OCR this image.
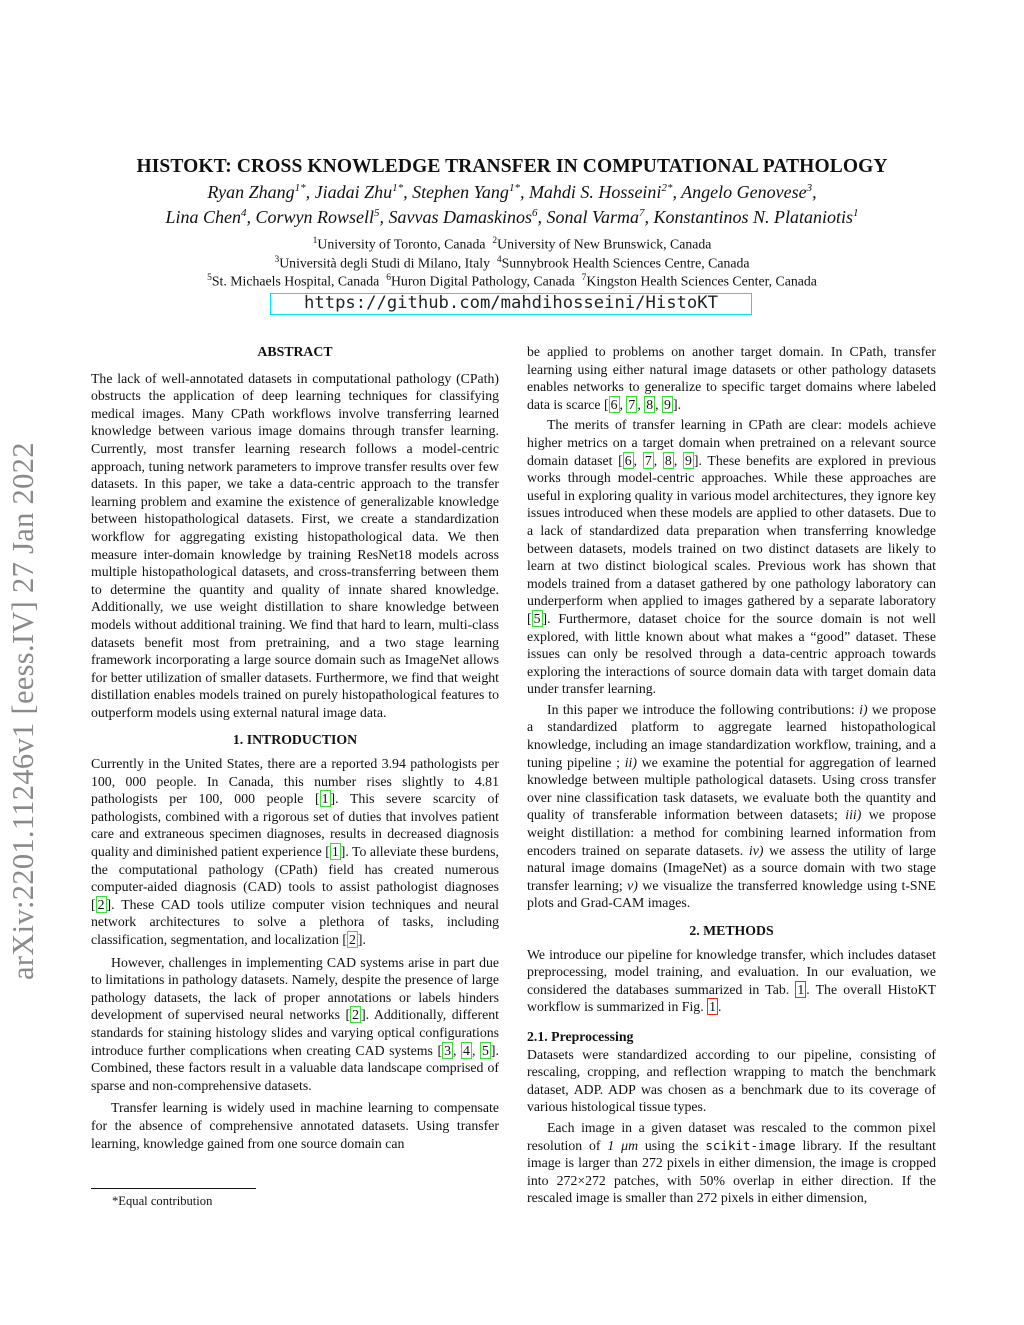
arXiv:2201.11246v1 [eess.IV] 27 Jan 2022
HISTOKT: CROSS KNOWLEDGE TRANSFER IN COMPUTATIONAL PATHOLOGY
Ryan Zhang$^{1*}$, Jiadai Zhu$^{1*}$, Stephen Yang$^{1*}$, Mahdi S. Hosseini$^{2*}$, Angelo Genovese$^3$,
Lina Chen$^4$, Corwyn Rowsell$^5$, Savvas Damaskinos$^6$, Sonal Varma$^7$, Konstantinos N. Plataniotis$^1$
$^1$University of Toronto, Canada $^2$University of New Brunswick, Canada
$^3$Università degli Studi di Milano, Italy $^4$Sunnybrook Health Sciences Centre, Canada
$^5$St. Michaels Hospital, Canada $^6$Huron Digital Pathology, Canada $^7$Kingston Health Sciences Center, Canada
https://github.com/mahdihosseini/HistoKT

ABSTRACT

The lack of well-annotated datasets in computational pathology (CPath) obstructs the application of deep learning techniques for classifying medical images. Many CPath workflows involve transferring learned knowledge between various image domains through transfer learning. Currently, most transfer learning research follows a model-centric approach, tuning network parameters to improve transfer results over few datasets. In this paper, we take a data-centric approach to the transfer learning problem and examine the existence of generalizable knowledge between histopathological datasets. First, we create a standardization workflow for aggregating existing histopathological data. We then measure inter-domain knowledge by training ResNet18 models across multiple histopathological datasets, and cross-transferring between them to determine the quantity and quality of innate shared knowledge. Additionally, we use weight distillation to share knowledge between models without additional training. We find that hard to learn, multi-class datasets benefit most from pretraining, and a two stage learning framework incorporating a large source domain such as ImageNet allows for better utilization of smaller datasets. Furthermore, we find that weight distillation enables models trained on purely histopathological features to outperform models using external natural image data.

1. INTRODUCTION

Currently in the United States, there are a reported 3.94 pathologists per 100, 000 people. In Canada, this number rises slightly to 4.81 pathologists per 100, 000 people [ 1 ]. This severe scarcity of pathologists, combined with a rigorous set of duties that involves patient care and extraneous specimen diagnoses, results in decreased diagnosis quality and diminished patient experience [ 1 ]. To alleviate these burdens, the computational pathology (CPath) field has created numerous computer-aided diagnosis (CAD) tools to assist pathologist diagnoses [ 2 ]. These CAD tools utilize computer vision techniques and neural network architectures to solve a plethora of tasks, including classification, segmentation, and localization [ 2 ].

However, challenges in implementing CAD systems arise in part due to limitations in pathology datasets. Namely, despite the presence of large pathology datasets, the lack of proper annotations or labels hinders development of supervised neural networks [ 2 ]. Additionally, different standards for staining histology slides and varying optical configurations introduce further complications when creating CAD systems [ 3 , 4 , 5 ]. Combined, these factors result in a valuable data landscape comprised of sparse and non-comprehensive datasets.

Transfer learning is widely used in machine learning to compensate for the absence of comprehensive annotated datasets. Using transfer learning, knowledge gained from one source domain can

be applied to problems on another target domain. In CPath, transfer learning using either natural image datasets or other pathology datasets enables networks to generalize to specific target domains where labeled data is scarce [ 6 , 7 , 8 , 9 ].

The merits of transfer learning in CPath are clear: models achieve higher metrics on a target domain when pretrained on a relevant source domain dataset [ 6 , 7 , 8 , 9 ]. These benefits are explored in previous works through model-centric approaches. While these approaches are useful in exploring quality in various model architectures, they ignore key issues introduced when these models are applied to other datasets. Due to a lack of standardized data preparation when transferring knowledge between datasets, models trained on two distinct datasets are likely to learn at two distinct biological scales. Previous work has shown that models trained from a dataset gathered by one pathology laboratory can underperform when applied to images gathered by a separate laboratory [ 5 ]. Furthermore, dataset choice for the source domain is not well explored, with little known about what makes a “good” dataset. These issues can only be resolved through a data-centric approach towards exploring the interactions of source domain data with target domain data under transfer learning.

In this paper we introduce the following contributions: i) we propose a standardized platform to aggregate learned histopathological knowledge, including an image standardization workflow, training, and a tuning pipeline ; ii) we examine the potential for aggregation of learned knowledge between multiple pathological datasets. Using cross transfer over nine classification task datasets, we evaluate both the quantity and quality of transferable information between datasets; iii) we propose weight distillation: a method for combining learned information from encoders trained on separate datasets. iv) we assess the utility of large natural image domains (ImageNet) as a source domain with two stage transfer learning; v) we visualize the transferred knowledge using t-SNE plots and Grad-CAM images.

2. METHODS

We introduce our pipeline for knowledge transfer, which includes dataset preprocessing, model training, and evaluation. In our evaluation, we considered the databases summarized in Tab. 1 . The overall HistoKT workflow is summarized in Fig. 1 .

2.1. Preprocessing

Datasets were standardized according to our pipeline, consisting of rescaling, cropping, and reflection wrapping to match the benchmark dataset, ADP. ADP was chosen as a benchmark due to its coverage of various histological tissue types.

Each image in a given dataset was rescaled to the common pixel resolution of 1 μm using the scikit-image library. If the resultant image is larger than 272 pixels in either dimension, the image is cropped into 272×272 patches, with 50% overlap in either direction. If the rescaled image is smaller than 272 pixels in either dimension,

*Equal contribution
